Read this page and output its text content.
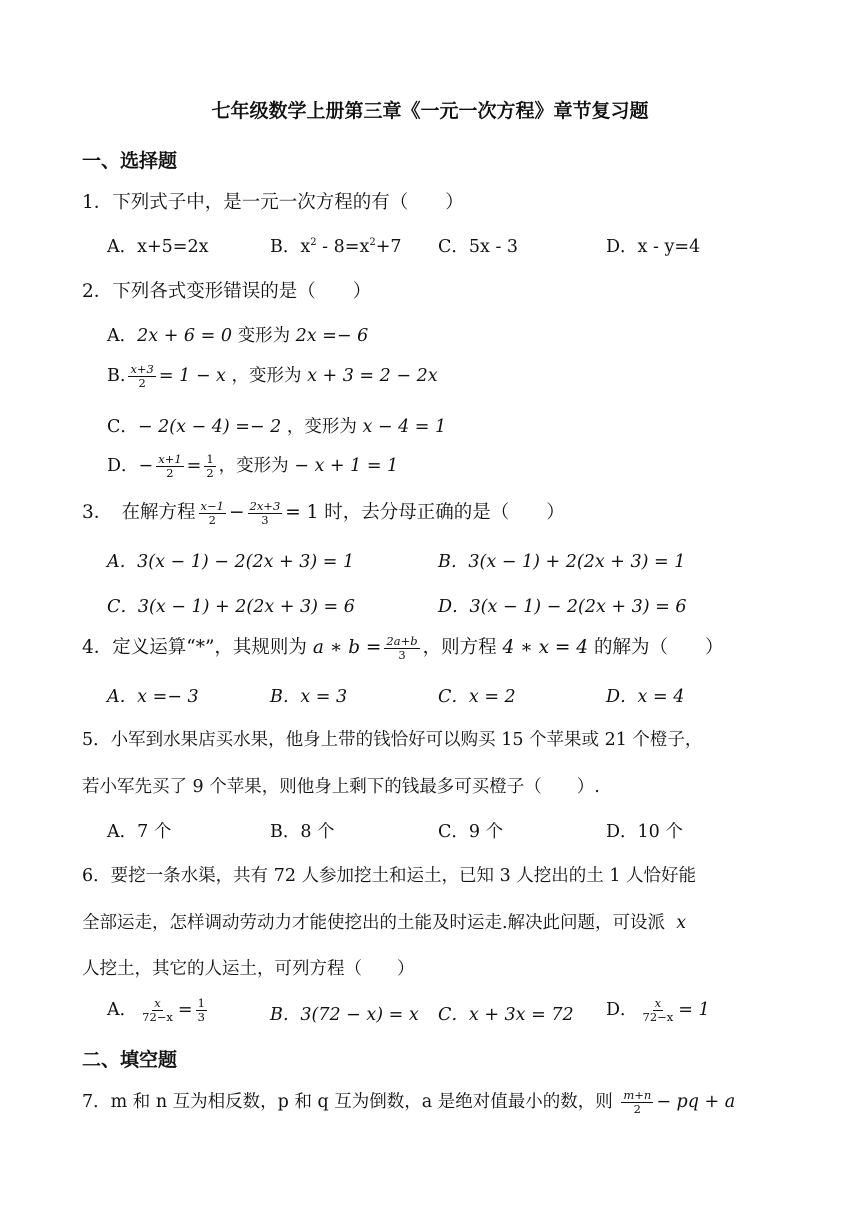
七年级数学上册第三章《一元一次方程》章节复习题
一、选择题
1．下列式子中，是一元一次方程的有（　　）
A．x+5=2x	B．$x^2 - 8=x^2+7$ C．5x - 3	D．x - y=4
2．下列各式变形错误的是（　　）
A．2x + 6 = 0 变形为 2x =− 6
B. $\frac{x+3}{2} = 1 - x$ ，变形为 x + 3 = 2 − 2x
C．− 2(x − 4) =− 2 ，变形为 x − 4 = 1
D．− $\frac{x+1}{2} = \frac{1}{2}$ ，变形为 − x + 1 = 1
3．　在解方程 $\frac{x-1}{2} - \frac{2x+3}{3} = 1$ 时，去分母正确的是（　　）
A．3(x − 1) − 2(2x + 3) = 1	B．3(x − 1) + 2(2x + 3) = 1
C．3(x − 1) + 2(2x + 3) = 6	D．3(x − 1) − 2(2x + 3) = 6
4．定义运算“*”，其规则为 a ∗ $b = \frac{2a+b}{3}$ ，则方程 4 ∗ x = 4 的解为（　　）
A．x =− 3	B．x = 3	C．x = 2	D．x = 4
5．小军到水果店买水果，他身上带的钱恰好可以购买 15 个苹果或 21 个橙子，
若小军先买了 9 个苹果，则他身上剩下的钱最多可买橙子（　　）.
A．7 个	B．8 个	C．9 个	D．10 个
6．要挖一条水渠，共有 72 人参加挖土和运土，已知 3 人挖出的土 1 人恰好能
全部运走，怎样调动劳动力才能使挖出的土能及时运走.解决此问题，可设派 x
人挖土，其它的人运土，可列方程（　　）
A． $\frac{x}{72-x} = \frac{1}{3}$	B．3(72 − x) = x C．x + 3x = 72 D． $\frac{x}{72-x} = 1$
二、填空题
7．m 和 n 互为相反数，p 和 q 互为倒数，a 是绝对值最小的数，则 $\frac{m+n}{2}$ − pq + a
